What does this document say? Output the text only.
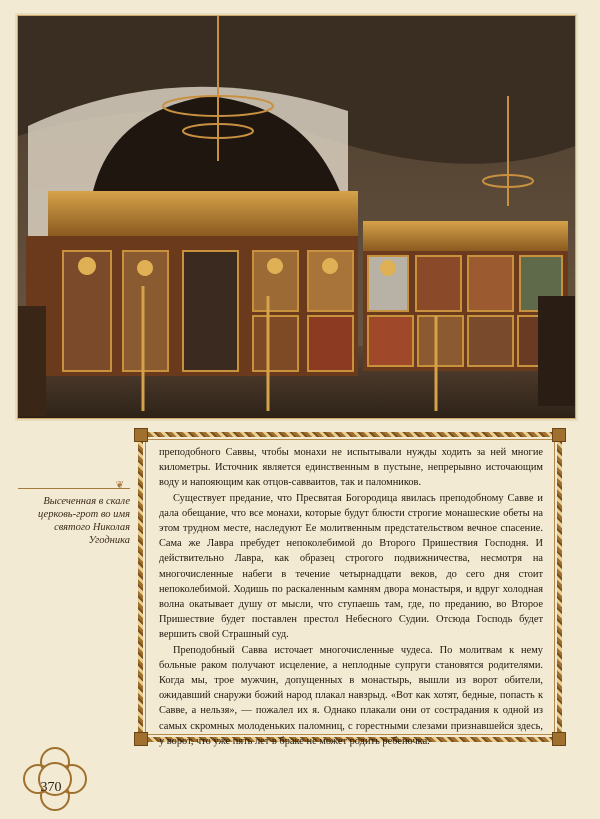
❦
Высеченная в скале церковь-грот во имя святого Николая Угодника

преподобного Саввы, чтобы монахи не испытывали нужды ходить за ней многие километры. Источник является единственным в пустыне, непрерывно источающим воду и напояющим как отцов-савваитов, так и паломников.

Существует предание, что Пресвятая Богородица явилась преподобному Савве и дала обещание, что все монахи, которые будут блюсти строгие монашеские обеты на этом трудном месте, наследуют Ее молитвенным предстательством вечное спасение. Сама же Лавра пребудет непоколебимой до Второго Пришествия Господня. И действительно Лавра, как образец строгого подвижничества, несмотря на многочисленные набеги в течение четырнадцати веков, до сего дня стоит непоколебимой. Ходишь по раскаленным камням двора монастыря, и вдруг холодная волна окатывает душу от мысли, что ступаешь там, где, по преданию, во Второе Пришествие будет поставлен престол Небесного Судии. Отсюда Господь будет вершить свой Страшный суд.

Преподобный Савва источает многочисленные чудеса. По молитвам к нему больные раком получают исцеление, а неплодные супруги становятся родителями. Когда мы, трое мужчин, допущенных в монастырь, вышли из ворот обители, ожидавший снаружи божий народ плакал навзрыд. «Вот как хотят, бедные, попасть к Савве, а нельзя», — пожалел их я. Однако плакали они от сострадания к одной из самых скромных молоденьких паломниц, с горестными слезами признавшейся здесь, у ворот, что уже пять лет в браке не может родить ребеночка.

370
